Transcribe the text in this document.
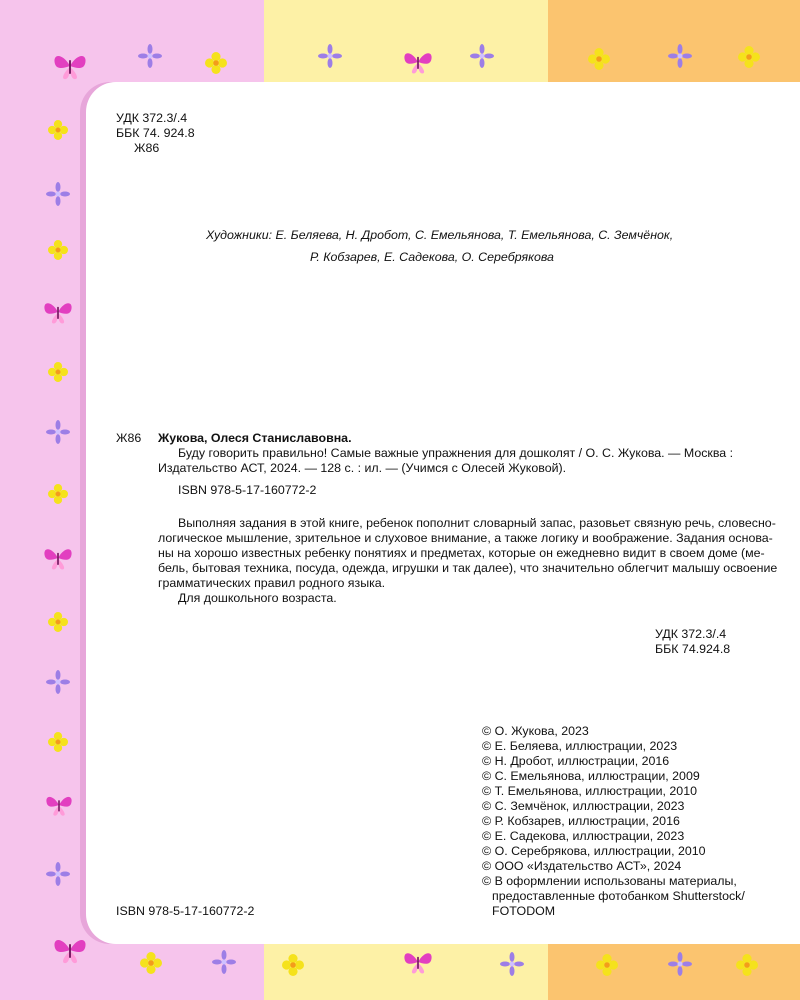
УДК 372.3/.4
ББК 74. 924.8
Ж86
Художники: Е. Беляева, Н. Дробот, С. Емельянова, Т. Емельянова, С. Земчёнок,
Р. Кобзарев, Е. Садекова, О. Серебрякова
Ж86 Жукова, Олеся Станиславовна.
Буду говорить правильно! Самые важные упражнения для дошколят / О. С. Жукова. — Москва :
Издательство АСТ, 2024. — 128 с. : ил. — (Учимся с Олесей Жуковой).
ISBN 978-5-17-160772-2
Выполняя задания в этой книге, ребенок пополнит словарный запас, разовьет связную речь, словесно-
логическое мышление, зрительное и слуховое внимание, а также логику и воображение. Задания основа-
ны на хорошо известных ребенку понятиях и предметах, которые он ежедневно видит в своем доме (ме-
бель, бытовая техника, посуда, одежда, игрушки и так далее), что значительно облегчит малышу освоение
грамматических правил родного языка.
Для дошкольного возраста.
УДК 372.3/.4
ББК 74.924.8
© О. Жукова, 2023
© Е. Беляева, иллюстрации, 2023
© Н. Дробот, иллюстрации, 2016
© С. Емельянова, иллюстрации, 2009
© Т. Емельянова, иллюстрации, 2010
© С. Земчёнок, иллюстрации, 2023
© Р. Кобзарев, иллюстрации, 2016
© Е. Садекова, иллюстрации, 2023
© О. Серебрякова, иллюстрации, 2010
© ООО «Издательство АСТ», 2024
© В оформлении использованы материалы,
предоставленные фотобанком Shutterstock/
FOTODOM
ISBN 978-5-17-160772-2
